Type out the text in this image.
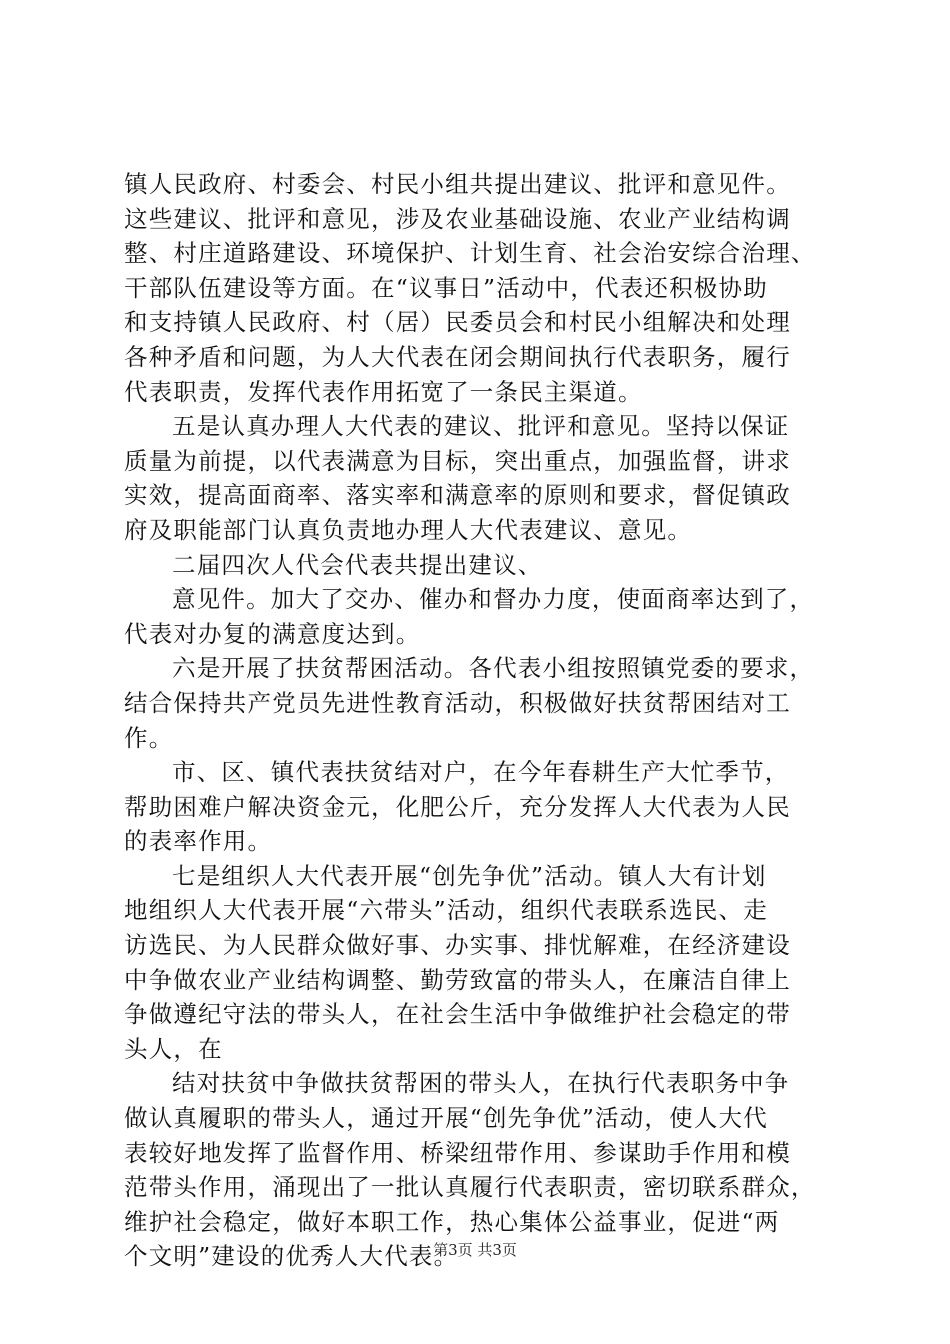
镇人民政府、村委会、村民小组共提出建议、批评和意见件。
这些建议、批评和意见，涉及农业基础设施、农业产业结构调
整、村庄道路建设、环境保护、计划生育、社会治安综合治理、
干部队伍建设等方面。在“议事日”活动中，代表还积极协助
和支持镇人民政府、村（居）民委员会和村民小组解决和处理
各种矛盾和问题，为人大代表在闭会期间执行代表职务，履行
代表职责，发挥代表作用拓宽了一条民主渠道。
五是认真办理人大代表的建议、批评和意见。坚持以保证
质量为前提，以代表满意为目标，突出重点，加强监督，讲求
实效，提高面商率、落实率和满意率的原则和要求，督促镇政
府及职能部门认真负责地办理人大代表建议、意见。
二届四次人代会代表共提出建议、
意见件。加大了交办、催办和督办力度，使面商率达到了，
代表对办复的满意度达到。
六是开展了扶贫帮困活动。各代表小组按照镇党委的要求，
结合保持共产党员先进性教育活动，积极做好扶贫帮困结对工
作。
市、区、镇代表扶贫结对户，在今年春耕生产大忙季节，
帮助困难户解决资金元，化肥公斤，充分发挥人大代表为人民
的表率作用。
七是组织人大代表开展“创先争优”活动。镇人大有计划
地组织人大代表开展“六带头”活动，组织代表联系选民、走
访选民、为人民群众做好事、办实事、排忧解难，在经济建设
中争做农业产业结构调整、勤劳致富的带头人，在廉洁自律上
争做遵纪守法的带头人，在社会生活中争做维护社会稳定的带
头人，在
结对扶贫中争做扶贫帮困的带头人，在执行代表职务中争
做认真履职的带头人，通过开展“创先争优”活动，使人大代
表较好地发挥了监督作用、桥梁纽带作用、参谋助手作用和模
范带头作用，涌现出了一批认真履行代表职责，密切联系群众，
维护社会稳定，做好本职工作，热心集体公益事业，促进“两
个文明”建设的优秀人大代表。
第3页 共3页
